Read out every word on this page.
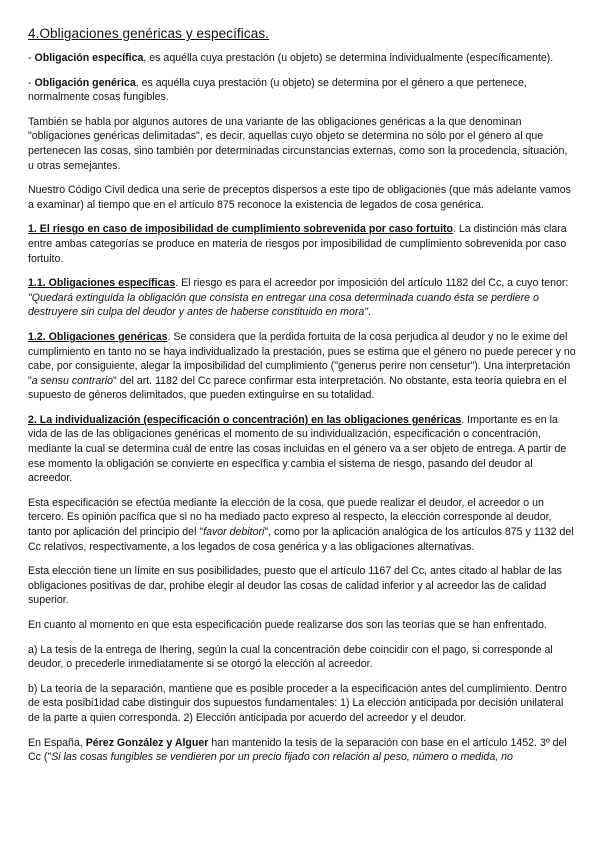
4.Obligaciones genéricas y específicas.

- Obligación específica, es aquélla cuya prestación (u objeto) se determina individualmente (específicamente).

- Obligación genérica, es aquélla cuya prestación (u objeto) se determina por el género a que pertenece, normalmente cosas fungibles.

También se habla por algunos autores de una variante de las obligaciones genéricas a la que denominan "obligaciones genéricas delimitadas", es decir, aquellas cuyo objeto se determina no sólo por el género al que pertenecen las cosas, sino también por determinadas circunstancias externas, como son la procedencia, situación, u otras semejantes.

Nuestro Código Civil dedica una serie de preceptos dispersos a este tipo de obligaciones (que más adelante vamos a examinar) al tiempo que en el artículo 875 reconoce la existencia de legados de cosa genérica.

1. El riesgo en caso de imposibilidad de cumplimiento sobrevenida por caso fortuito. La distinción más clara entre ambas categorías se produce en materia de riesgos por imposibilidad de cumplimiento sobrevenida por caso fortuito.

1.1. Obligaciones específicas. El riesgo es para el acreedor por imposición del artículo 1182 del Cc, a cuyo tenor: "Quedará extinguida la obligación que consista en entregar una cosa determinada cuando ésta se perdiere o destruyere sin culpa del deudor y antes de haberse constituido en mora".

1.2. Obligaciones genéricas. Se considera que la perdida fortuita de la cosa perjudica al deudor y no le exime del cumplimiento en tanto no se haya individualizado la prestación, pues se estima que el género no puede perecer y no cabe, por consiguiente, alegar la imposibilidad del cumplimiento ("generus perire non censetur"). Una interpretación "a sensu contrario" del art. 1182 del Cc parece confirmar esta interpretación. No obstante, esta teoría quiebra en el supuesto de géneros delimitados, que pueden extinguirse en su totalidad.

2. La individualización (especificación o concentración) en las obligaciones genéricas. Importante es en la vida de las de las obligaciones genéricas el momento de su individualización, especificación o concentración, mediante la cual se determina cuál de entre las cosas incluidas en el género va a ser objeto de entrega. A partir de ese momento la obligación se convierte en específica y cambia el sistema de riesgo, pasando del deudor al acreedor.

Esta especificación se efectúa mediante la elección de la cosa, que puede realizar el deudor, el acreedor o un tercero. Es opinión pacífica que si no ha mediado pacto expreso al respecto, la elección corresponde al deudor, tanto por aplicación del principio del "favor debitori", como por la aplicación analógica de los artículos 875 y 1132 del Cc relativos, respectivamente, a los legados de cosa genérica y a las obligaciones alternativas.

Esta elección tiene un límite en sus posibilidades, puesto que el artículo 1167 del Cc, antes citado al hablar de las obligaciones positivas de dar, prohibe elegir al deudor las cosas de calidad inferior y al acreedor las de calidad superior.

En cuanto al momento en que esta especificación puede realizarse dos son las teorías que se han enfrentado.

a) La tesis de la entrega de Ihering, según la cual la concentración debe coincidir con el pago, si corresponde al deudor, o precederle inmediatamente si se otorgó la elección al acreedor.

b) La teoría de la separación, mantiene que es posible proceder a la especificación antes del cumplimiento. Dentro de esta posibi1idad cabe distinguir dos supuestos fundamentales: 1) La elección anticipada por decisión unilateral de la parte a quien corresponda. 2) Elección anticipada por acuerdo del acreedor y el deudor.

En España, Pérez González y Alguer han mantenido la tesis de la separación con base en el artículo 1452. 3º del Cc ("Si las cosas fungibles se vendieren por un precio fijado con relación al peso, número o medida, no
